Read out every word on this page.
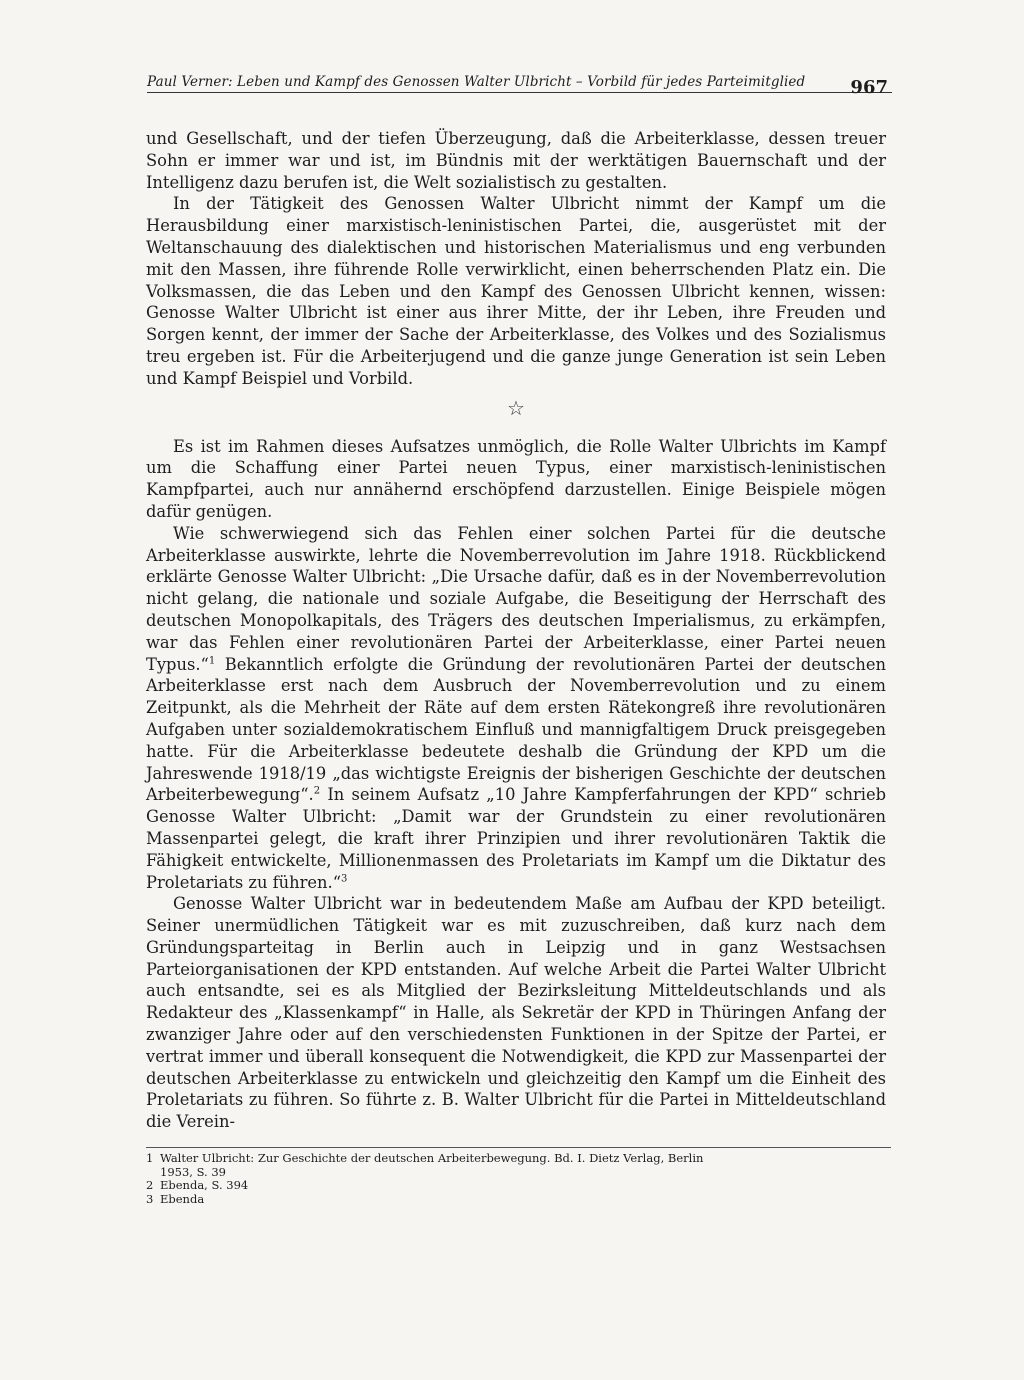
Paul Verner: Leben und Kampf des Genossen Walter Ulbricht – Vorbild für jedes Parteimitglied	967

und Gesellschaft, und der tiefen Überzeugung, daß die Arbeiterklasse, dessen treuer Sohn er immer war und ist, im Bündnis mit der werktätigen Bauernschaft und der Intelligenz dazu berufen ist, die Welt sozialistisch zu gestalten.

In der Tätigkeit des Genossen Walter Ulbricht nimmt der Kampf um die Herausbildung einer marxistisch-leninistischen Partei, die, ausgerüstet mit der Weltanschauung des dialektischen und historischen Materialismus und eng verbunden mit den Massen, ihre führende Rolle verwirklicht, einen beherrschenden Platz ein. Die Volksmassen, die das Leben und den Kampf des Genossen Ulbricht kennen, wissen: Genosse Walter Ulbricht ist einer aus ihrer Mitte, der ihr Leben, ihre Freuden und Sorgen kennt, der immer der Sache der Arbeiterklasse, des Volkes und des Sozialismus treu ergeben ist. Für die Arbeiterjugend und die ganze junge Generation ist sein Leben und Kampf Beispiel und Vorbild.

☆

Es ist im Rahmen dieses Aufsatzes unmöglich, die Rolle Walter Ulbrichts im Kampf um die Schaffung einer Partei neuen Typus, einer marxistisch-leninistischen Kampfpartei, auch nur annähernd erschöpfend darzustellen. Einige Beispiele mögen dafür genügen.

Wie schwerwiegend sich das Fehlen einer solchen Partei für die deutsche Arbeiterklasse auswirkte, lehrte die Novemberrevolution im Jahre 1918. Rückblickend erklärte Genosse Walter Ulbricht: „Die Ursache dafür, daß es in der Novemberrevolution nicht gelang, die nationale und soziale Aufgabe, die Beseitigung der Herrschaft des deutschen Monopolkapitals, des Trägers des deutschen Imperialismus, zu erkämpfen, war das Fehlen einer revolutionären Partei der Arbeiterklasse, einer Partei neuen Typus.“$^1$ Bekanntlich erfolgte die Gründung der revolutionären Partei der deutschen Arbeiterklasse erst nach dem Ausbruch der Novemberrevolution und zu einem Zeitpunkt, als die Mehrheit der Räte auf dem ersten Rätekongreß ihre revolutionären Aufgaben unter sozialdemokratischem Einfluß und mannigfaltigem Druck preisgegeben hatte. Für die Arbeiterklasse bedeutete deshalb die Gründung der KPD um die Jahreswende 1918/19 „das wichtigste Ereignis der bisherigen Geschichte der deutschen Arbeiterbewegung“.$^2$ In seinem Aufsatz „10 Jahre Kampferfahrungen der KPD“ schrieb Genosse Walter Ulbricht: „Damit war der Grundstein zu einer revolutionären Massenpartei gelegt, die kraft ihrer Prinzipien und ihrer revolutionären Taktik die Fähigkeit entwickelte, Millionenmassen des Proletariats im Kampf um die Diktatur des Proletariats zu führen.“$^3$

Genosse Walter Ulbricht war in bedeutendem Maße am Aufbau der KPD beteiligt. Seiner unermüdlichen Tätigkeit war es mit zuzuschreiben, daß kurz nach dem Gründungsparteitag in Berlin auch in Leipzig und in ganz Westsachsen Parteiorganisationen der KPD entstanden. Auf welche Arbeit die Partei Walter Ulbricht auch entsandte, sei es als Mitglied der Bezirksleitung Mitteldeutschlands und als Redakteur des „Klassenkampf“ in Halle, als Sekretär der KPD in Thüringen Anfang der zwanziger Jahre oder auf den verschiedensten Funktionen in der Spitze der Partei, er vertrat immer und überall konsequent die Notwendigkeit, die KPD zur Massenpartei der deutschen Arbeiterklasse zu entwickeln und gleichzeitig den Kampf um die Einheit des Proletariats zu führen. So führte z. B. Walter Ulbricht für die Partei in Mitteldeutschland die Verein-

1 Walter Ulbricht: Zur Geschichte der deutschen Arbeiterbewegung. Bd. I. Dietz Verlag, Berlin
1953, S. 39
2 Ebenda, S. 394
3 Ebenda
